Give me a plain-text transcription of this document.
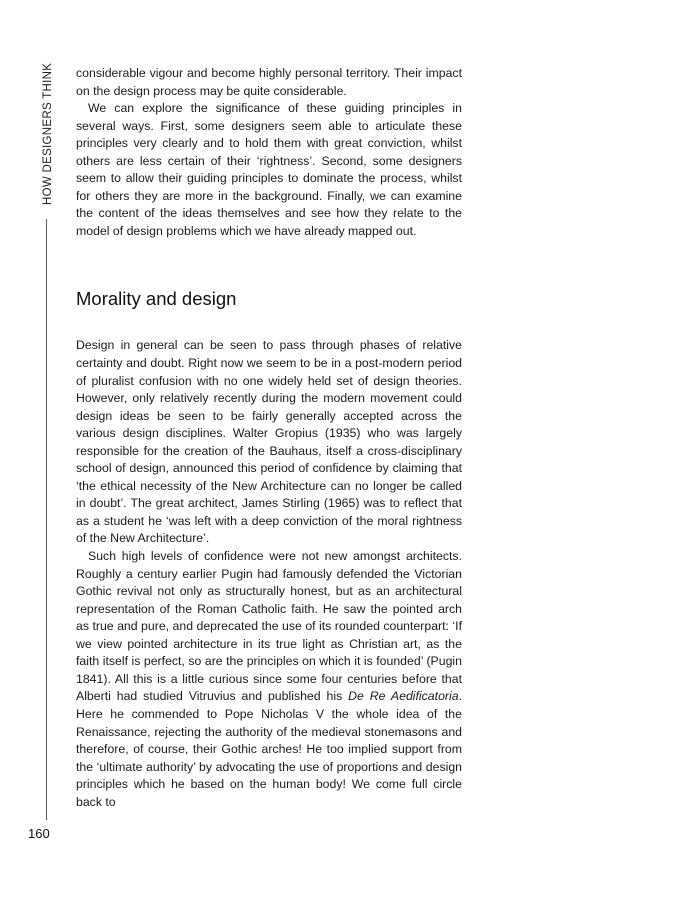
HOW DESIGNERS THINK
160

considerable vigour and become highly personal territory. Their impact on the design process may be quite considerable.

We can explore the significance of these guiding principles in several ways. First, some designers seem able to articulate these principles very clearly and to hold them with great conviction, whilst others are less certain of their ‘rightness’. Second, some designers seem to allow their guiding principles to dominate the process, whilst for others they are more in the background. Finally, we can examine the content of the ideas themselves and see how they relate to the model of design problems which we have already mapped out.

Morality and design

Design in general can be seen to pass through phases of relative certainty and doubt. Right now we seem to be in a post-modern period of pluralist confusion with no one widely held set of design theories. However, only relatively recently during the modern movement could design ideas be seen to be fairly generally accepted across the various design disciplines. Walter Gropius (1935) who was largely responsible for the creation of the Bauhaus, itself a cross-disciplinary school of design, announced this period of confidence by claiming that ‘the ethical necessity of the New Architecture can no longer be called in doubt’. The great architect, James Stirling (1965) was to reflect that as a student he ‘was left with a deep conviction of the moral rightness of the New Architecture’.

Such high levels of confidence were not new amongst architects. Roughly a century earlier Pugin had famously defended the Victorian Gothic revival not only as structurally honest, but as an architectural representation of the Roman Catholic faith. He saw the pointed arch as true and pure, and deprecated the use of its rounded counterpart: ‘If we view pointed architecture in its true light as Christian art, as the faith itself is perfect, so are the principles on which it is founded’ (Pugin 1841). All this is a little curious since some four centuries before that Alberti had studied Vitruvius and published his De Re Aedificatoria. Here he commended to Pope Nicholas V the whole idea of the Renaissance, rejecting the authority of the medieval stonemasons and therefore, of course, their Gothic arches! He too implied support from the ‘ultimate authority’ by advocating the use of proportions and design principles which he based on the human body! We come full circle back to
